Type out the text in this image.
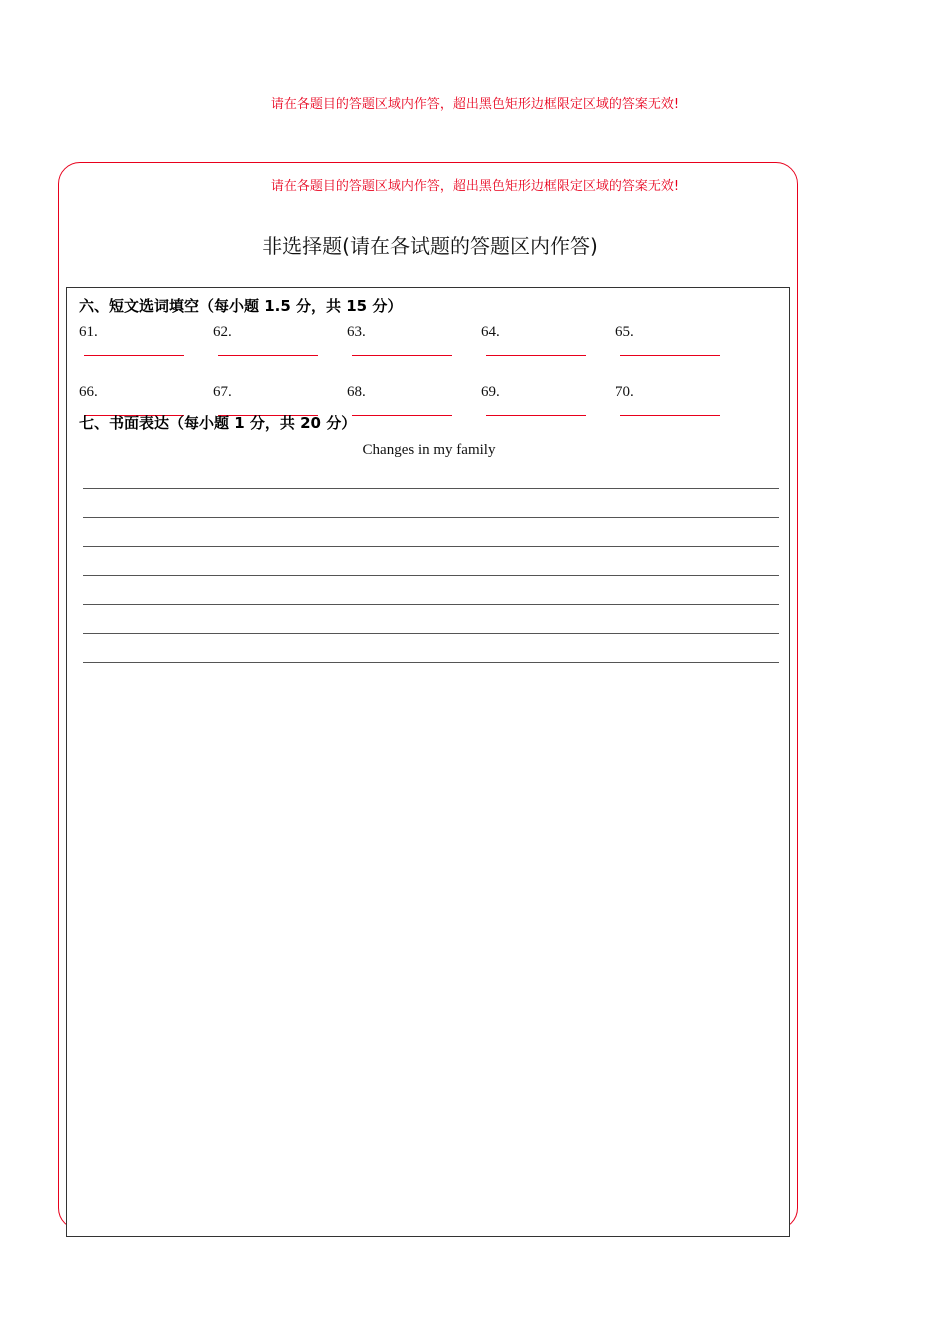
请在各题目的答题区域内作答，超出黑色矩形边框限定区域的答案无效!
请在各题目的答题区域内作答，超出黑色矩形边框限定区域的答案无效!
非选择题(请在各试题的答题区内作答)
六、短文选词填空（每小题 1.5 分，共 15 分）
61.	62.	63.	64.	65.
66.	67.	68.	69.	70.
七、书面表达（每小题 1 分，共 20 分）
Changes in my family
